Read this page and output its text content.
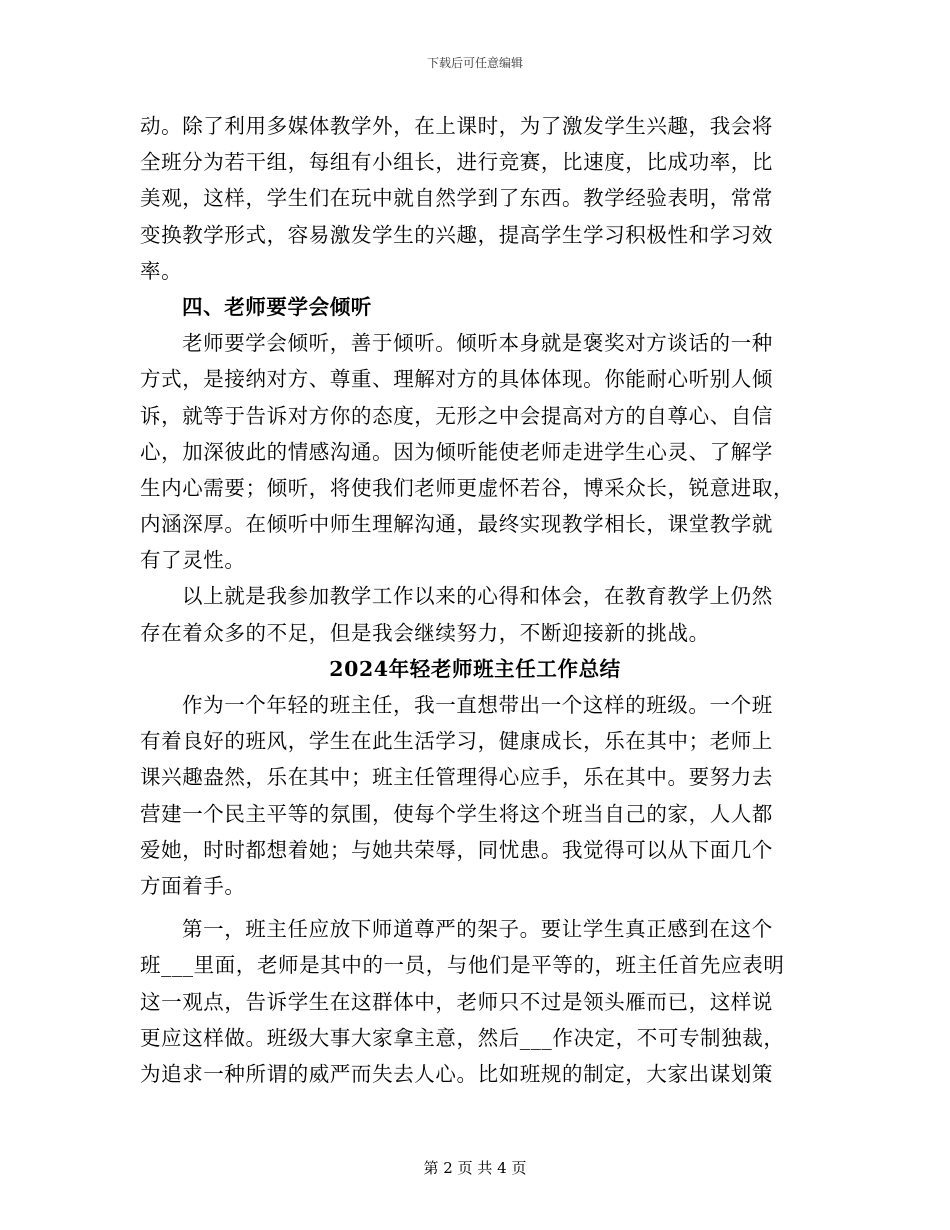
下载后可任意编辑
动。除了利用多媒体教学外，在上课时，为了激发学生兴趣，我会将
全班分为若干组，每组有小组长，进行竞赛，比速度，比成功率，比
美观，这样，学生们在玩中就自然学到了东西。教学经验表明，常常
变换教学形式，容易激发学生的兴趣，提高学生学习积极性和学习效
率。
四、老师要学会倾听
老师要学会倾听，善于倾听。倾听本身就是褒奖对方谈话的一种
方式，是接纳对方、尊重、理解对方的具体体现。你能耐心听别人倾
诉，就等于告诉对方你的态度，无形之中会提高对方的自尊心、自信
心，加深彼此的情感沟通。因为倾听能使老师走进学生心灵、了解学
生内心需要；倾听，将使我们老师更虚怀若谷，博采众长，锐意进取，
内涵深厚。在倾听中师生理解沟通，最终实现教学相长，课堂教学就
有了灵性。
以上就是我参加教学工作以来的心得和体会，在教育教学上仍然
存在着众多的不足，但是我会继续努力，不断迎接新的挑战。
2024年轻老师班主任工作总结
作为一个年轻的班主任，我一直想带出一个这样的班级。一个班
有着良好的班风，学生在此生活学习，健康成长，乐在其中；老师上
课兴趣盎然，乐在其中；班主任管理得心应手，乐在其中。要努力去
营建一个民主平等的氛围，使每个学生将这个班当自己的家，人人都
爱她，时时都想着她；与她共荣辱，同忧患。我觉得可以从下面几个
方面着手。
第一，班主任应放下师道尊严的架子。要让学生真正感到在这个
班___里面，老师是其中的一员，与他们是平等的，班主任首先应表明
这一观点，告诉学生在这群体中，老师只不过是领头雁而已，这样说
更应这样做。班级大事大家拿主意，然后___作决定，不可专制独裁，
为追求一种所谓的威严而失去人心。比如班规的制定，大家出谋划策
第 2 页 共 4 页
